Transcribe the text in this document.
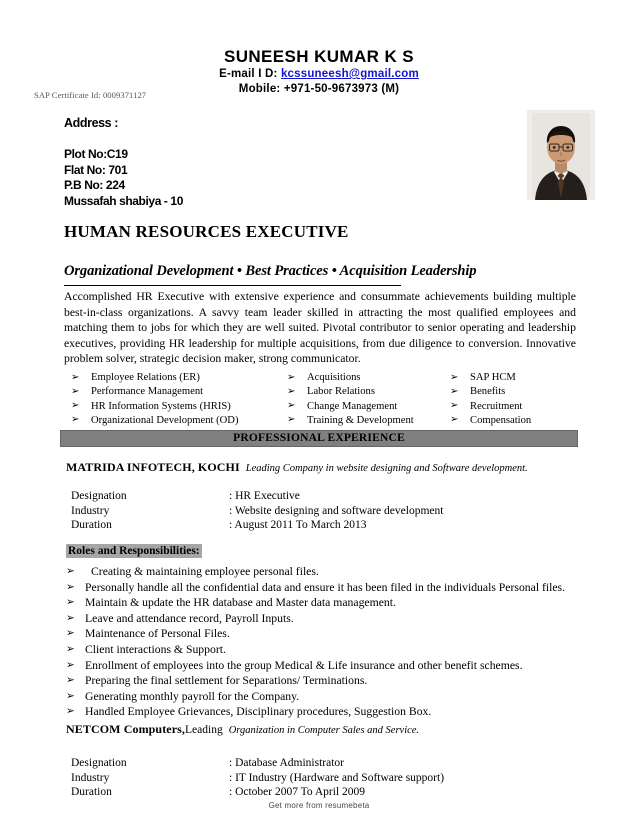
SUNEESH KUMAR K S
E-mail I D: kcssuneesh@gmail.com
Mobile: +971-50-9673973 (M)
SAP Certificate Id: 0009371127
Address :
Plot No:C19
Flat No: 701
P.B No: 224
Mussafah shabiya - 10
HUMAN RESOURCES EXECUTIVE
Organizational Development • Best Practices • Acquisition Leadership
Accomplished HR Executive with extensive experience and consummate achievements building multiple best-in-class organizations. A savvy team leader skilled in attracting the most qualified employees and matching them to jobs for which they are well suited. Pivotal contributor to senior operating and leadership executives, providing HR leadership for multiple acquisitions, from due diligence to conversion. Innovative problem solver, strategic decision maker, strong communicator.
➢ Employee Relations (ER)
➢ Performance Management
➢ HR Information Systems (HRIS)
➢ Organizational Development (OD)
➢ Acquisitions
➢ Labor Relations
➢ Change Management
➢ Training & Development
➢ SAP HCM
➢ Benefits
➢ Recruitment
➢ Compensation
PROFESSIONAL EXPERIENCE
MATRIDA INFOTECH, KOCHI Leading Company in website designing and Software development.
Designation	: HR Executive
Industry	: Website designing and software development
Duration	: August 2011 To March 2013
Roles and Responsibilities:
➢ Creating & maintaining employee personal files.
➢ Personally handle all the confidential data and ensure it has been filed in the individuals Personal files.
➢ Maintain & update the HR database and Master data management.
➢ Leave and attendance record, Payroll Inputs.
➢ Maintenance of Personal Files.
➢ Client interactions & Support.
➢ Enrollment of employees into the group Medical & Life insurance and other benefit schemes.
➢ Preparing the final settlement for Separations/ Terminations.
➢ Generating monthly payroll for the Company.
➢ Handled Employee Grievances, Disciplinary procedures, Suggestion Box.
NETCOM Computers,Leading Organization in Computer Sales and Service.
Designation	: Database Administrator
Industry	: IT Industry (Hardware and Software support)
Duration	: October 2007 To April 2009
Get more from resumebeta
